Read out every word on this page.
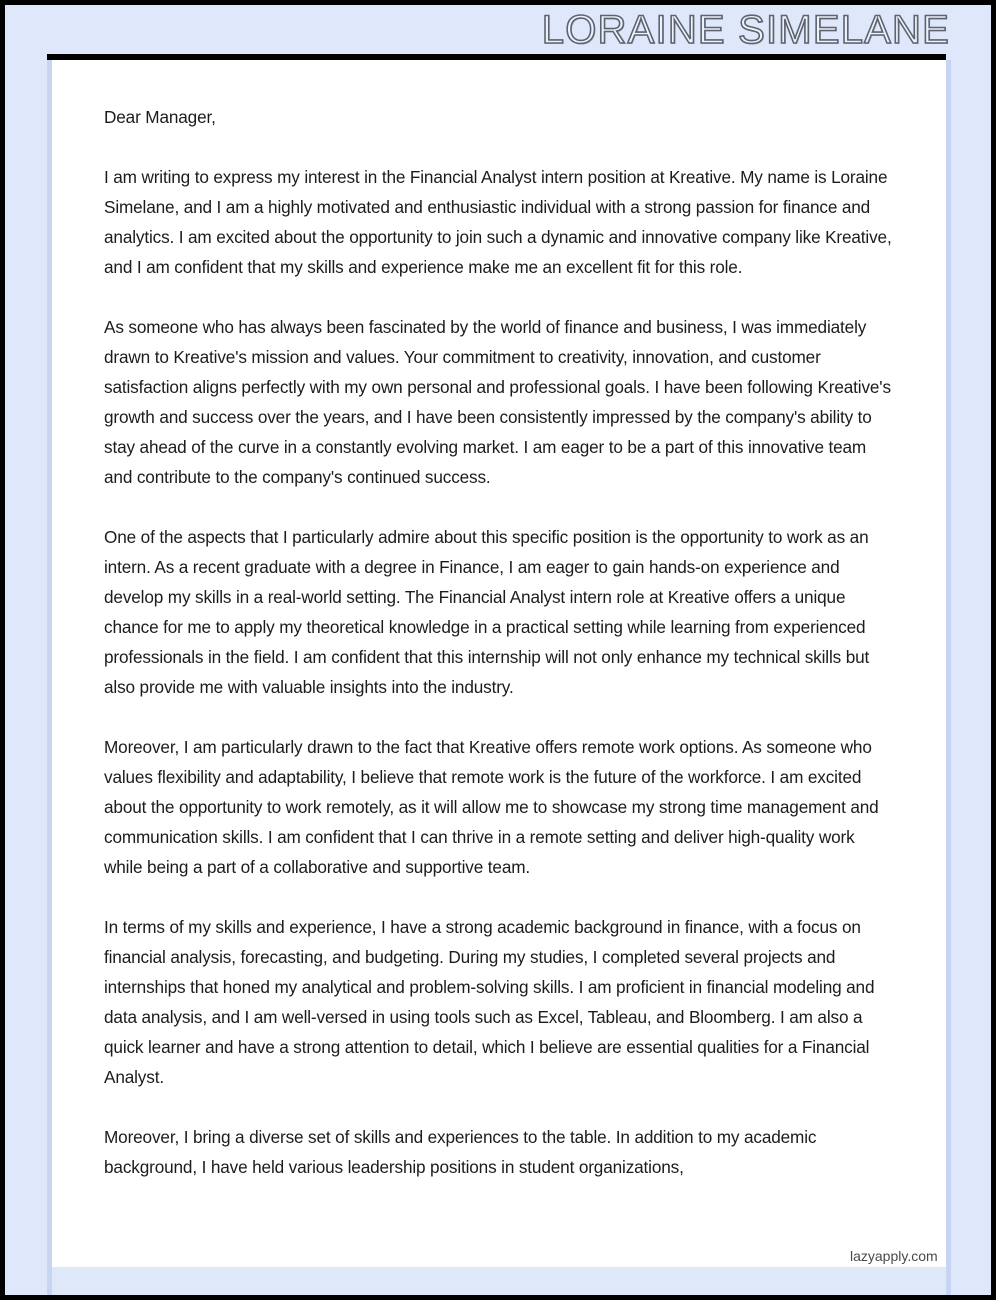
LORAINE SIMELANE

Dear Manager,

I am writing to express my interest in the Financial Analyst intern position at Kreative. My name is Loraine Simelane, and I am a highly motivated and enthusiastic individual with a strong passion for finance and analytics. I am excited about the opportunity to join such a dynamic and innovative company like Kreative, and I am confident that my skills and experience make me an excellent fit for this role.

As someone who has always been fascinated by the world of finance and business, I was immediately drawn to Kreative's mission and values. Your commitment to creativity, innovation, and customer satisfaction aligns perfectly with my own personal and professional goals. I have been following Kreative's growth and success over the years, and I have been consistently impressed by the company's ability to stay ahead of the curve in a constantly evolving market. I am eager to be a part of this innovative team and contribute to the company's continued success.

One of the aspects that I particularly admire about this specific position is the opportunity to work as an intern. As a recent graduate with a degree in Finance, I am eager to gain hands-on experience and develop my skills in a real-world setting. The Financial Analyst intern role at Kreative offers a unique chance for me to apply my theoretical knowledge in a practical setting while learning from experienced professionals in the field. I am confident that this internship will not only enhance my technical skills but also provide me with valuable insights into the industry.

Moreover, I am particularly drawn to the fact that Kreative offers remote work options. As someone who values flexibility and adaptability, I believe that remote work is the future of the workforce. I am excited about the opportunity to work remotely, as it will allow me to showcase my strong time management and communication skills. I am confident that I can thrive in a remote setting and deliver high-quality work while being a part of a collaborative and supportive team.

In terms of my skills and experience, I have a strong academic background in finance, with a focus on financial analysis, forecasting, and budgeting. During my studies, I completed several projects and internships that honed my analytical and problem-solving skills. I am proficient in financial modeling and data analysis, and I am well-versed in using tools such as Excel, Tableau, and Bloomberg. I am also a quick learner and have a strong attention to detail, which I believe are essential qualities for a Financial Analyst.

Moreover, I bring a diverse set of skills and experiences to the table. In addition to my academic background, I have held various leadership positions in student organizations,

lazyapply.com
